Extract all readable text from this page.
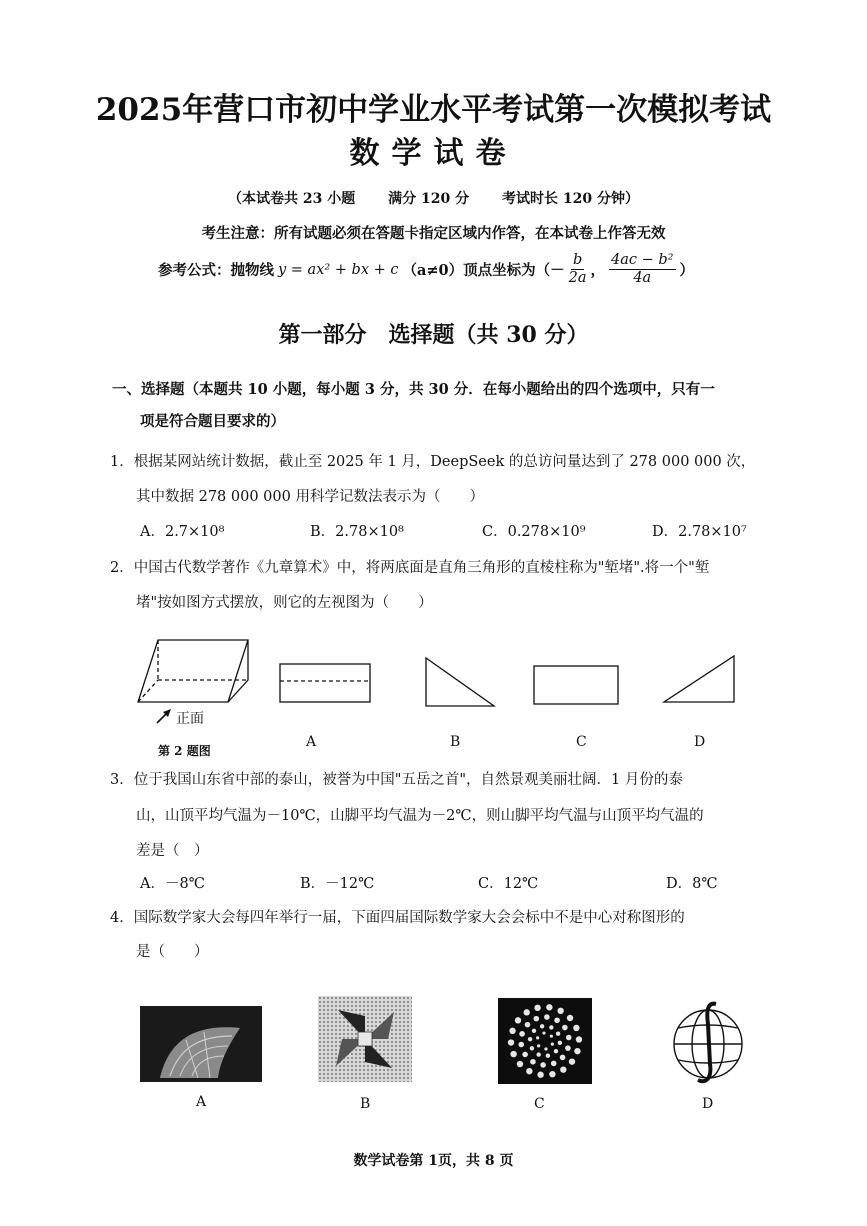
2025年营口市初中学业水平考试第一次模拟考试
数学试卷
（本试卷共 23 小题 满分 120 分 考试时长 120 分钟）
考生注意：所有试题必须在答题卡指定区域内作答，在本试卷上作答无效
参考公式：抛物线 y = ax² + bx + c （a≠0）顶点坐标为（－ $\frac{b}{2a}$ ， $\frac{\text{4ac − b²}}{4a}$ ）
第一部分　选择题（共 30 分）
一、选择题（本题共 10 小题，每小题 3 分，共 30 分．在每小题给出的四个选项中，只有一
项是符合题目要求的）
1．根据某网站统计数据，截止至 2025 年 1 月，DeepSeek 的总访问量达到了 278 000 000 次，
其中数据 278 000 000 用科学记数法表示为（　　）
A．2.7×10⁸	B．2.78×10⁸	C．0.278×10⁹	D．2.78×10⁷
2．中国古代数学著作《九章算术》中，将两底面是直角三角形的直棱柱称为"堑堵".将一个"堑
堵"按如图方式摆放，则它的左视图为（　　）
正面
第 2 题图
A	B	C	D
3．位于我国山东省中部的泰山，被誉为中国"五岳之首"，自然景观美丽壮阔．1 月份的泰
山，山顶平均气温为－10℃，山脚平均气温为－2℃，则山脚平均气温与山顶平均气温的
差是（　）
A．－8℃	B．－12℃	C．12℃	D．8℃
4．国际数学家大会每四年举行一届，下面四届国际数学家大会会标中不是中心对称图形的
是（　　）
A	B	C	D
数学试卷第 1页，共 8 页
